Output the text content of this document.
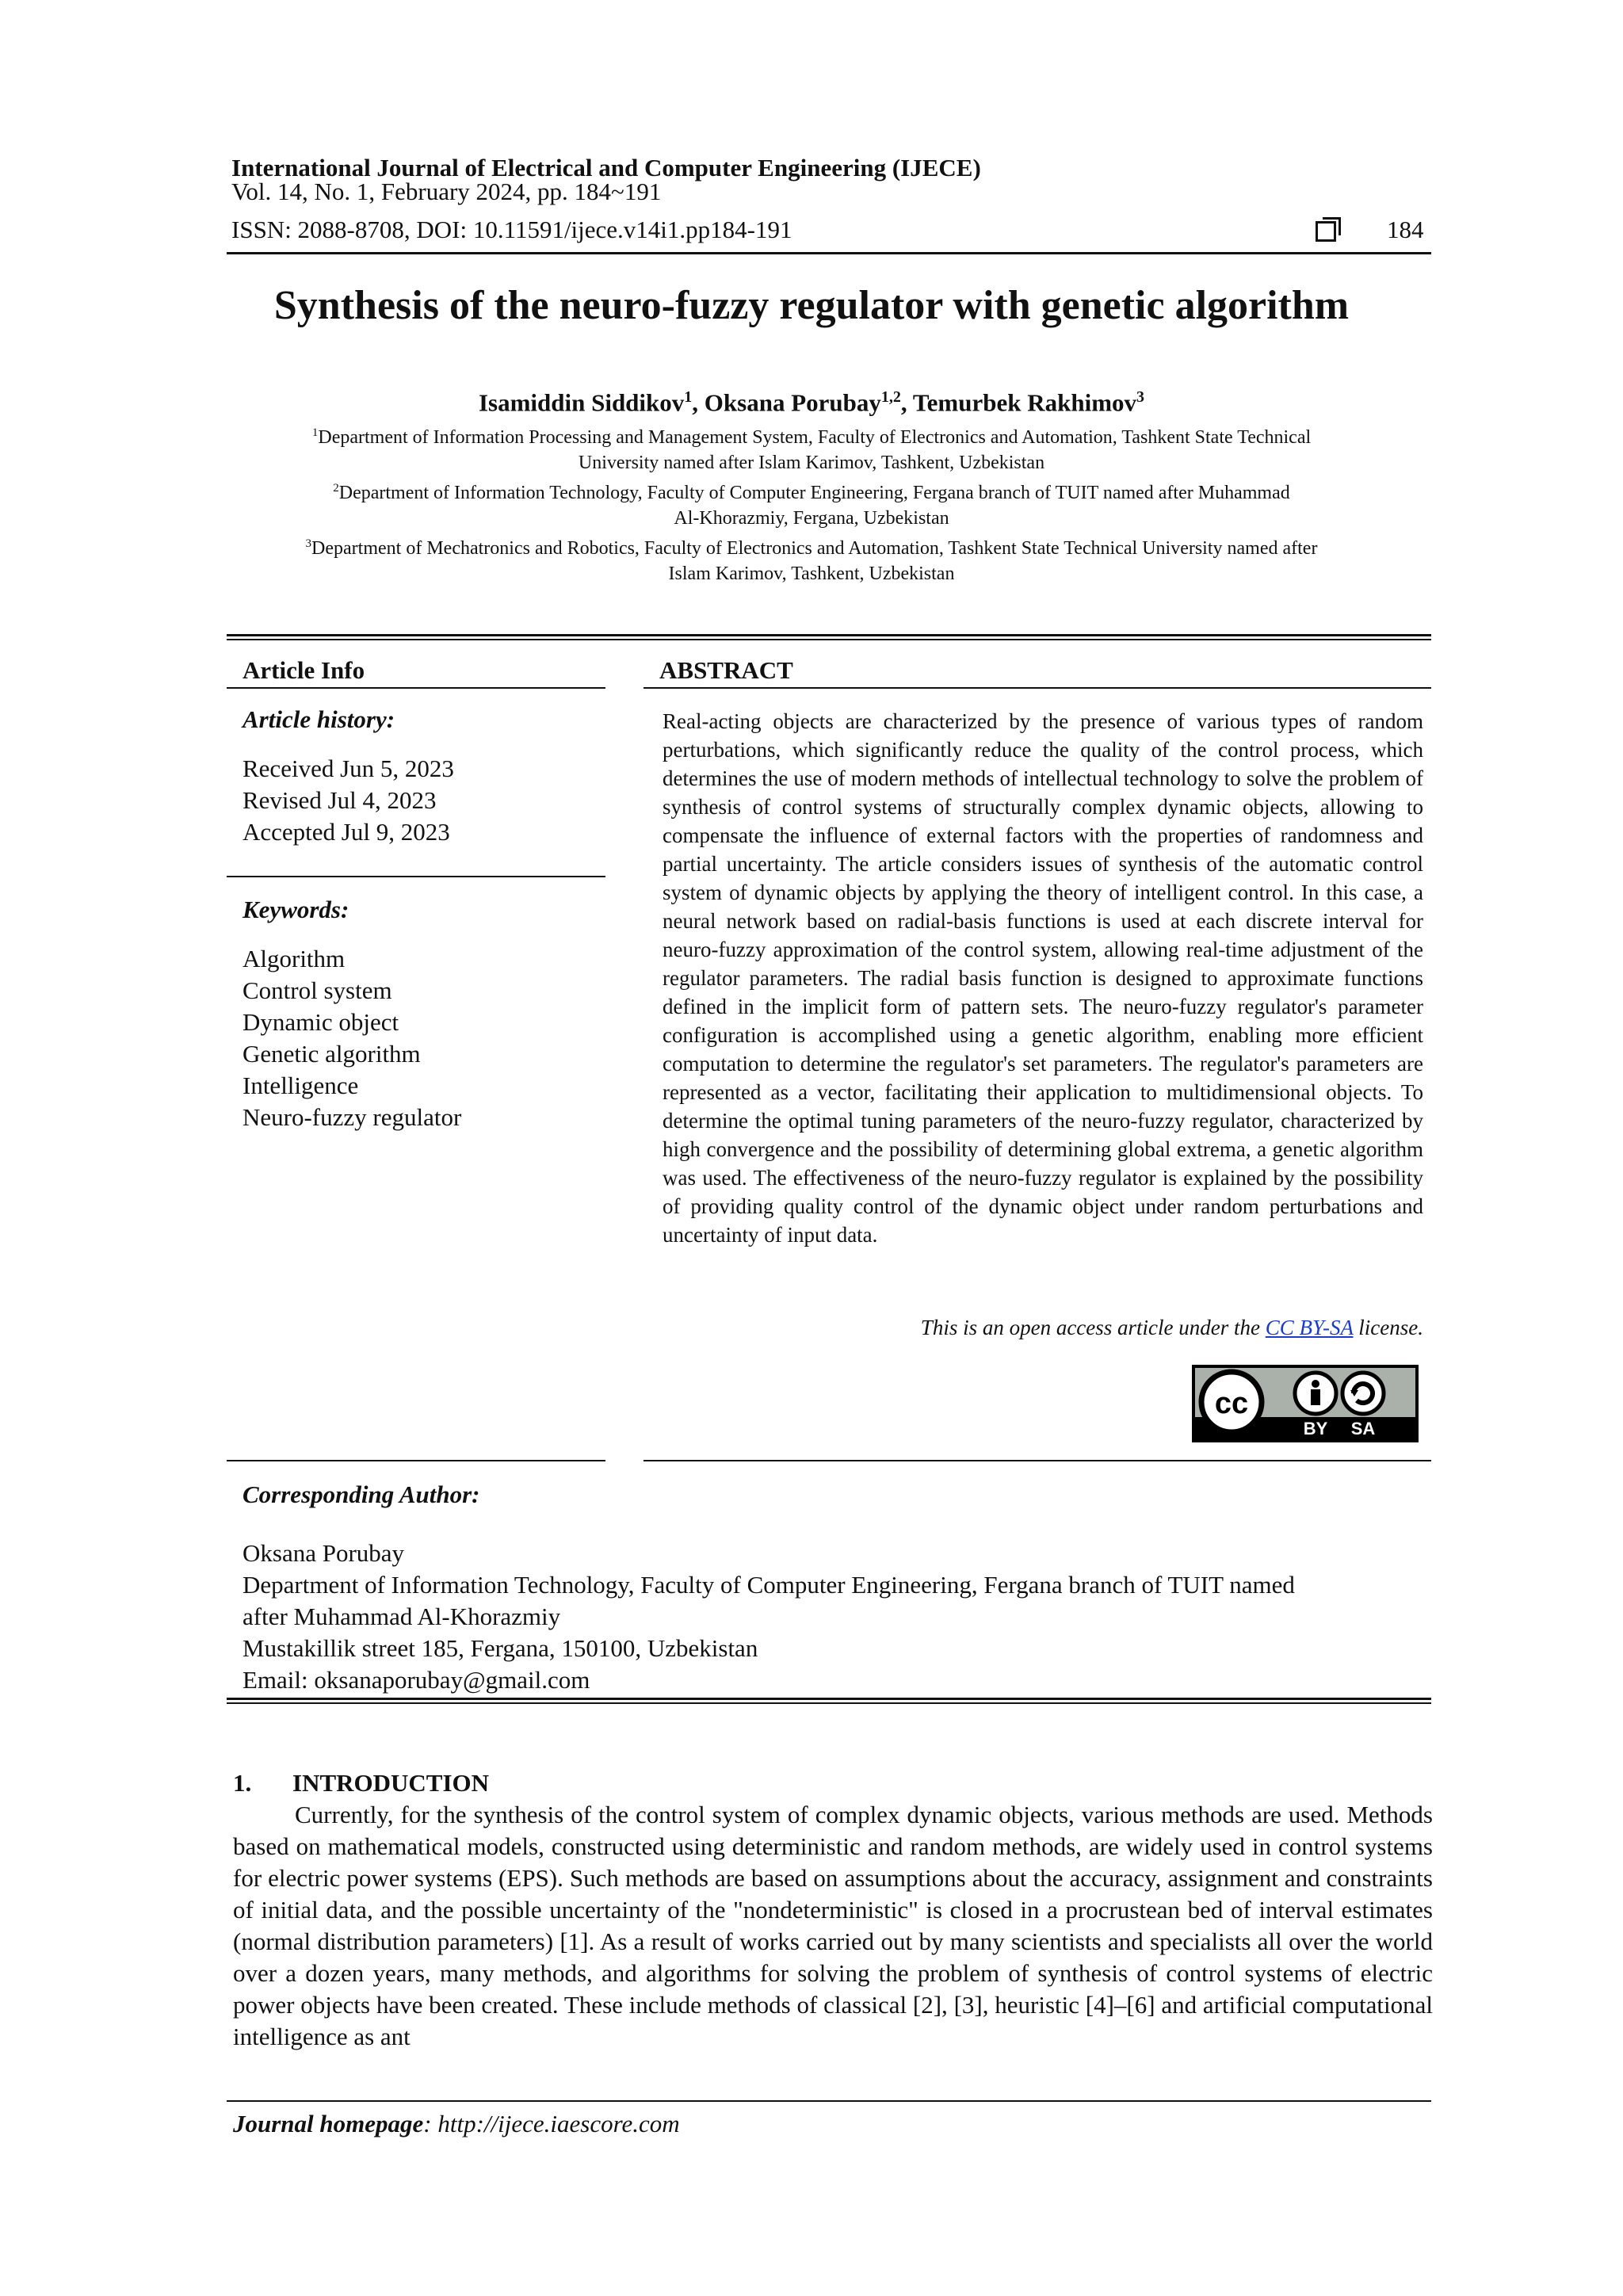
International Journal of Electrical and Computer Engineering (IJECE)
Vol. 14, No. 1, February 2024, pp. 184~191
ISSN: 2088-8708, DOI: 10.11591/ijece.v14i1.pp184-191	184
Synthesis of the neuro-fuzzy regulator with genetic algorithm
Isamiddin Siddikov$^1$, Oksana Porubay$^{1,2}$, Temurbek Rakhimov$^3$
$^1$Department of Information Processing and Management System, Faculty of Electronics and Automation, Tashkent State Technical
University named after Islam Karimov, Tashkent, Uzbekistan
$^2$Department of Information Technology, Faculty of Computer Engineering, Fergana branch of TUIT named after Muhammad
Al-Khorazmiy, Fergana, Uzbekistan
$^3$Department of Mechatronics and Robotics, Faculty of Electronics and Automation, Tashkent State Technical University named after
Islam Karimov, Tashkent, Uzbekistan
Article Info
Article history:
Received Jun 5, 2023
Revised Jul 4, 2023
Accepted Jul 9, 2023
Keywords:
Algorithm
Control system
Dynamic object
Genetic algorithm
Intelligence
Neuro-fuzzy regulator
ABSTRACT
Real-acting objects are characterized by the presence of various types of random perturbations, which significantly reduce the quality of the control process, which determines the use of modern methods of intellectual technology to solve the problem of synthesis of control systems of structurally complex dynamic objects, allowing to compensate the influence of external factors with the properties of randomness and partial uncertainty. The article considers issues of synthesis of the automatic control system of dynamic objects by applying the theory of intelligent control. In this case, a neural network based on radial-basis functions is used at each discrete interval for neuro-fuzzy approximation of the control system, allowing real-time adjustment of the regulator parameters. The radial basis function is designed to approximate functions defined in the implicit form of pattern sets. The neuro-fuzzy regulator's parameter configuration is accomplished using a genetic algorithm, enabling more efficient computation to determine the regulator's set parameters. The regulator's parameters are represented as a vector, facilitating their application to multidimensional objects. To determine the optimal tuning parameters of the neuro-fuzzy regulator, characterized by high convergence and the possibility of determining global extrema, a genetic algorithm was used. The effectiveness of the neuro-fuzzy regulator is explained by the possibility of providing quality control of the dynamic object under random perturbations and uncertainty of input data.
This is an open access article under the CC BY-SA license.
cc
BY SA
Corresponding Author:
Oksana Porubay
Department of Information Technology, Faculty of Computer Engineering, Fergana branch of TUIT named
after Muhammad Al-Khorazmiy
Mustakillik street 185, Fergana, 150100, Uzbekistan
Email: oksanaporubay@gmail.com
1. INTRODUCTION
Currently, for the synthesis of the control system of complex dynamic objects, various methods are used. Methods based on mathematical models, constructed using deterministic and random methods, are widely used in control systems for electric power systems (EPS). Such methods are based on assumptions about the accuracy, assignment and constraints of initial data, and the possible uncertainty of the "nondeterministic" is closed in a procrustean bed of interval estimates (normal distribution parameters) [1]. As a result of works carried out by many scientists and specialists all over the world over a dozen years, many methods, and algorithms for solving the problem of synthesis of control systems of electric power objects have been created. These include methods of classical [2], [3], heuristic [4]–[6] and artificial computational intelligence as ant
Journal homepage: http://ijece.iaescore.com
